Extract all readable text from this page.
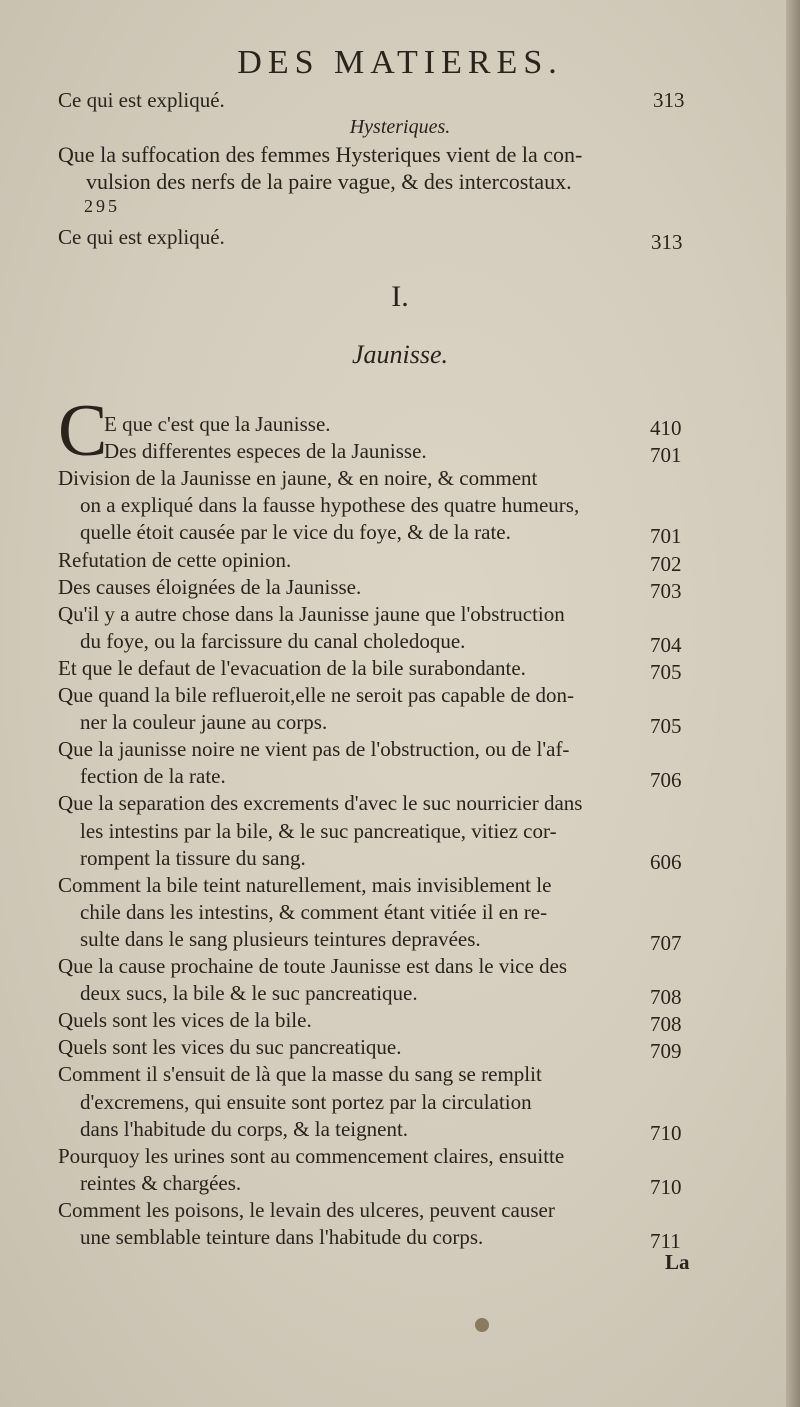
DES MATIERES.
Ce qui est expliqué.	313
Hysteriques.
Que la suffocation des femmes Hysteriques vient de la con-
vulsion des nerfs de la paire vague, & des intercostaux.
295
Ce qui est expliqué.	313
I.
Jaunisse.
C
E que c'est que la Jaunisse.	410
Des differentes especes de la Jaunisse.	701
Division de la Jaunisse en jaune, & en noire, & comment
on a expliqué dans la fausse hypothese des quatre humeurs,
quelle étoit causée par le vice du foye, & de la rate.	701
Refutation de cette opinion.	702
Des causes éloignées de la Jaunisse.	703
Qu'il y a autre chose dans la Jaunisse jaune que l'obstruction
du foye, ou la farcissure du canal choledoque.	704
Et que le defaut de l'evacuation de la bile surabondante.	705
Que quand la bile reflueroit,elle ne seroit pas capable de don-
ner la couleur jaune au corps.	705
Que la jaunisse noire ne vient pas de l'obstruction, ou de l'af-
fection de la rate.	706
Que la separation des excrements d'avec le suc nourricier dans
les intestins par la bile, & le suc pancreatique, vitiez cor-
rompent la tissure du sang.	606
Comment la bile teint naturellement, mais invisiblement le
chile dans les intestins, & comment étant vitiée il en re-
sulte dans le sang plusieurs teintures depravées.	707
Que la cause prochaine de toute Jaunisse est dans le vice des
deux sucs, la bile & le suc pancreatique.	708
Quels sont les vices de la bile.	708
Quels sont les vices du suc pancreatique.	709
Comment il s'ensuit de là que la masse du sang se remplit
d'excremens, qui ensuite sont portez par la circulation
dans l'habitude du corps, & la teignent.	710
Pourquoy les urines sont au commencement claires, ensuitte
reintes & chargées.	710
Comment les poisons, le levain des ulceres, peuvent causer
une semblable teinture dans l'habitude du corps.	711
La
